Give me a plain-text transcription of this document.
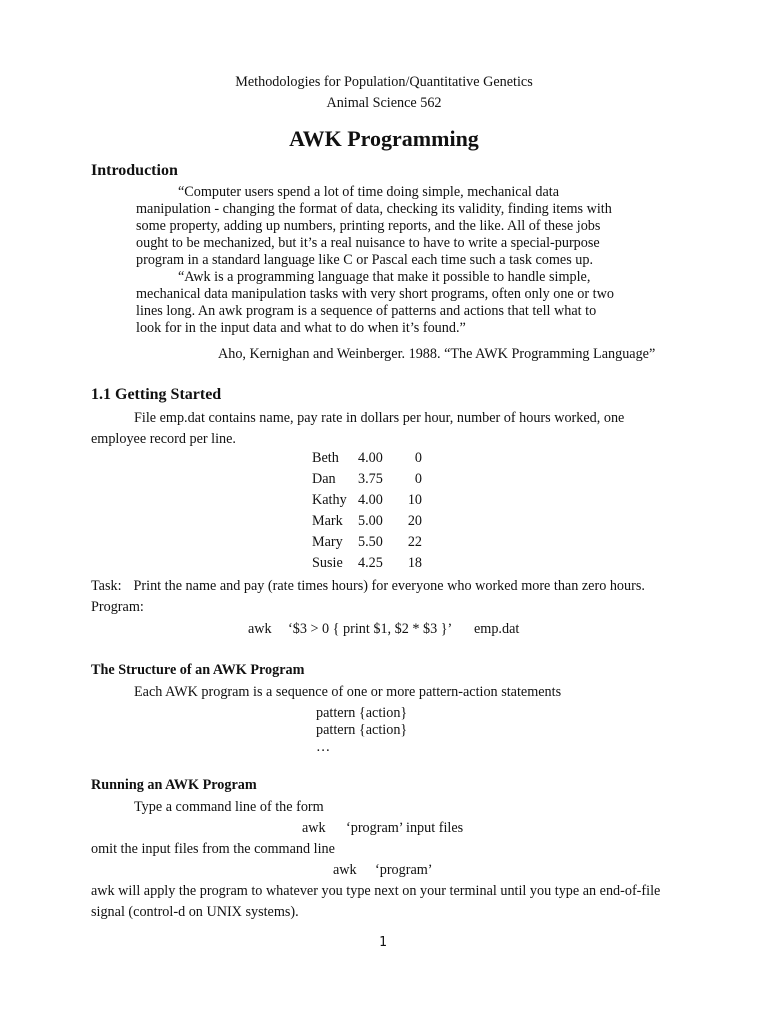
Methodologies for Population/Quantitative Genetics
Animal Science 562
AWK Programming
Introduction
“Computer users spend a lot of time doing simple, mechanical data
manipulation - changing the format of data, checking its validity, finding items with
some property, adding up numbers, printing reports, and the like. All of these jobs
ought to be mechanized, but it’s a real nuisance to have to write a special-purpose
program in a standard language like C or Pascal each time such a task comes up.
“Awk is a programming language that make it possible to handle simple,
mechanical data manipulation tasks with very short programs, often only one or two
lines long. An awk program is a sequence of patterns and actions that tell what to
look for in the input data and what to do when it’s found.”
Aho, Kernighan and Weinberger. 1988. “The AWK Programming Language”
1.1 Getting Started
File emp.dat contains name, pay rate in dollars per hour, number of hours worked, one
employee record per line.
Beth	4.00	0
Dan	3.75	0
Kathy	4.00	10
Mark	5.00	20
Mary	5.50	22
Susie	4.25	18
Task: Print the name and pay (rate times hours) for everyone who worked more than zero hours.
Program:
awk ‘$3 > 0 { print $1, $2 * $3 }’ emp.dat
The Structure of an AWK Program
Each AWK program is a sequence of one or more pattern-action statements
pattern {action}
pattern {action}
…
Running an AWK Program
Type a command line of the form
awk ‘program’ input files
omit the input files from the command line
awk ‘program’
awk will apply the program to whatever you type next on your terminal until you type an end-of-file
signal (control-d on UNIX systems).
1
